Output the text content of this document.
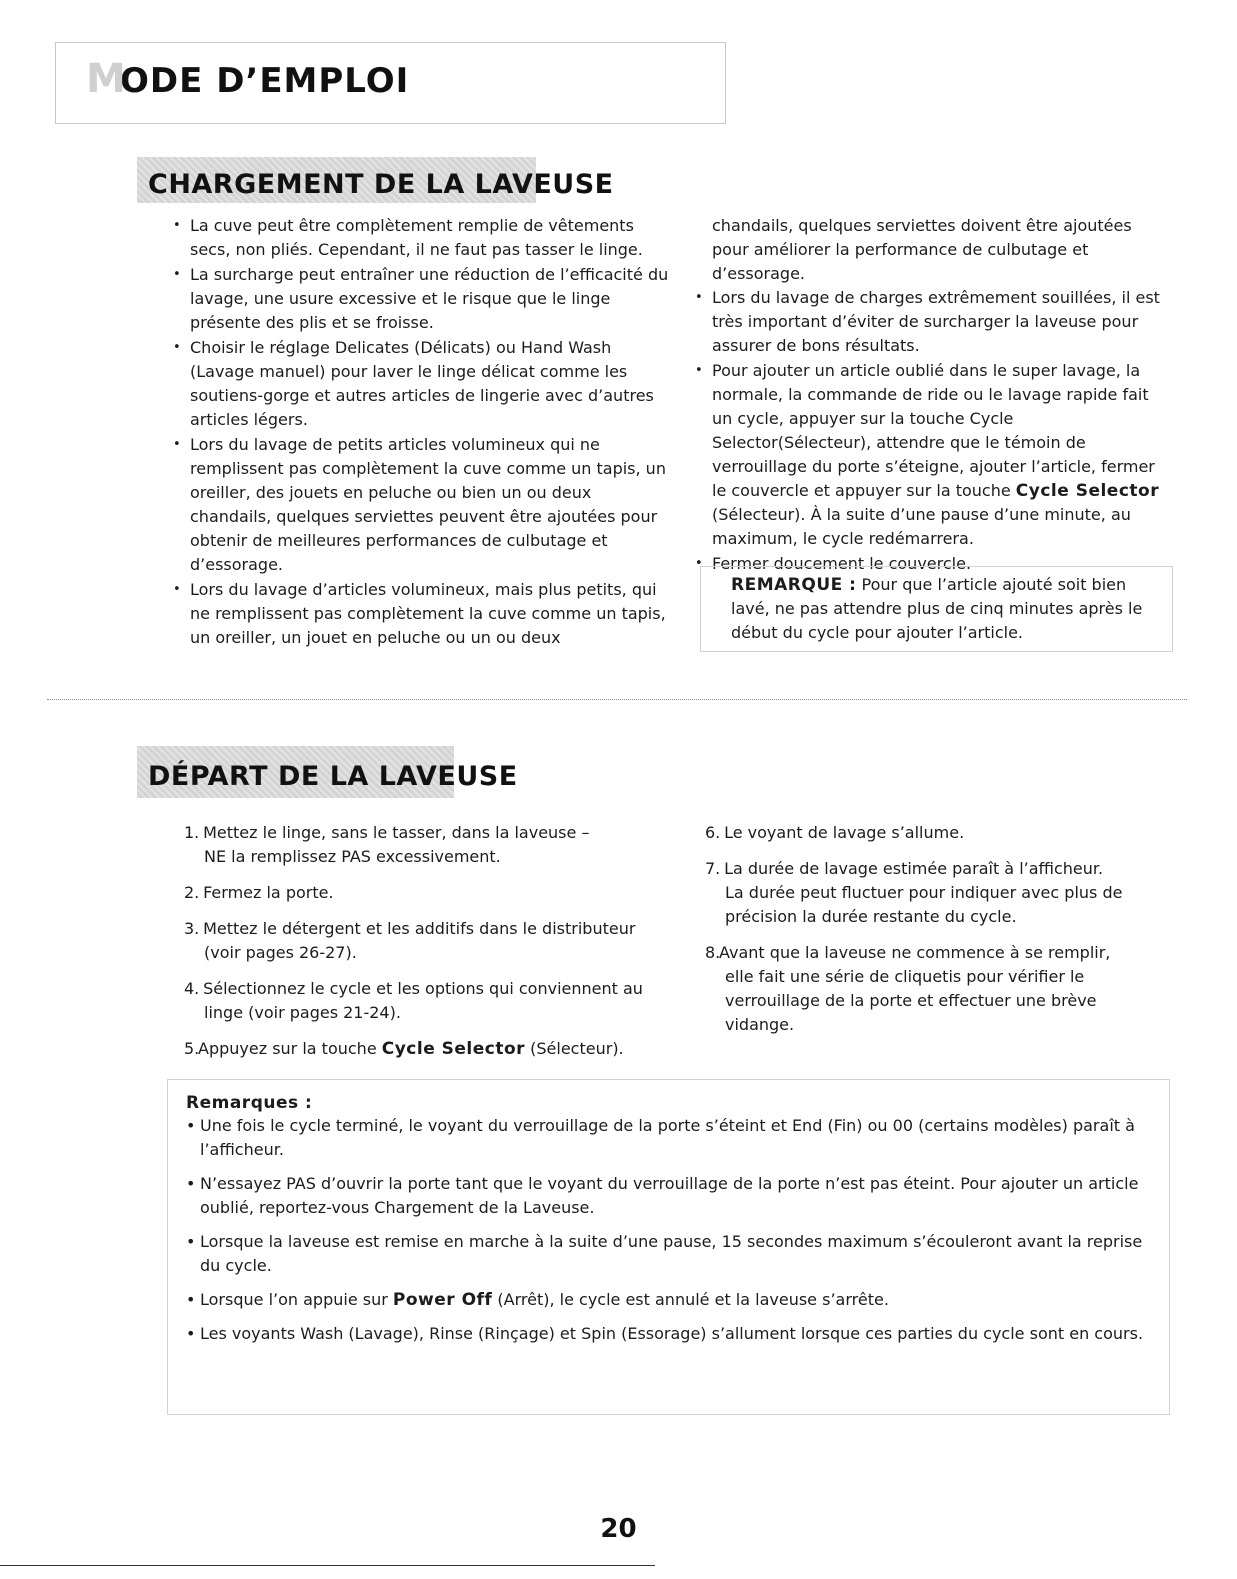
M
ODE D’EMPLOI
CHARGEMENT DE LA LAVEUSE
• La cuve peut être complètement remplie de vêtements secs, non pliés. Cependant, il ne faut pas tasser le linge.
• La surcharge peut entraîner une réduction de l’efficacité du lavage, une usure excessive et le risque que le linge présente des plis et se froisse.
• Choisir le réglage Delicates (Délicats) ou Hand Wash (Lavage manuel) pour laver le linge délicat comme les soutiens-gorge et autres articles de lingerie avec d’autres articles légers.
• Lors du lavage de petits articles volumineux qui ne remplissent pas complètement la cuve comme un tapis, un oreiller, des jouets en peluche ou bien un ou deux chandails, quelques serviettes peuvent être ajoutées pour obtenir de meilleures performances de culbutage et d’essorage.
• Lors du lavage d’articles volumineux, mais plus petits, qui ne remplissent pas complètement la cuve comme un tapis, un oreiller, un jouet en peluche ou un ou deux
chandails, quelques serviettes doivent être ajoutées pour améliorer la performance de culbutage et d’essorage.
• Lors du lavage de charges extrêmement souillées, il est très important d’éviter de surcharger la laveuse pour assurer de bons résultats.
• Pour ajouter un article oublié dans le super lavage, la normale, la commande de ride ou le lavage rapide fait un cycle, appuyer sur la touche Cycle Selector(Sélecteur), attendre que le témoin de verrouillage du porte s’éteigne, ajouter l’article, fermer le couvercle et appuyer sur la touche Cycle Selector (Sélecteur). À la suite d’une pause d’une minute, au maximum, le cycle redémarrera.
• Fermer doucement le couvercle.
REMARQUE : Pour que l’article ajouté soit bien lavé, ne pas attendre plus de cinq minutes après le début du cycle pour ajouter l’article.
DÉPART DE LA LAVEUSE
1. Mettez le linge, sans le tasser, dans la laveuse –
NE la remplissez PAS excessivement.
2. Fermez la porte.
3. Mettez le détergent et les additifs dans le distributeur
(voir pages 26-27).
4. Sélectionnez le cycle et les options qui conviennent au
linge (voir pages 21-24).
5.Appuyez sur la touche Cycle Selector (Sélecteur).
6. Le voyant de lavage s’allume.
7. La durée de lavage estimée paraît à l’afficheur.
La durée peut fluctuer pour indiquer avec plus de
précision la durée restante du cycle.
8.Avant que la laveuse ne commence à se remplir,
elle fait une série de cliquetis pour vérifier le
verrouillage de la porte et effectuer une brève
vidange.
Remarques :
• Une fois le cycle terminé, le voyant du verrouillage de la porte s’éteint et End (Fin) ou 00 (certains modèles) paraît à l’afficheur.
• N’essayez PAS d’ouvrir la porte tant que le voyant du verrouillage de la porte n’est pas éteint. Pour ajouter un article oublié, reportez-vous Chargement de la Laveuse.
• Lorsque la laveuse est remise en marche à la suite d’une pause, 15 secondes maximum s’écouleront avant la reprise du cycle.
• Lorsque l’on appuie sur Power Off (Arrêt), le cycle est annulé et la laveuse s’arrête.
• Les voyants Wash (Lavage), Rinse (Rinçage) et Spin (Essorage) s’allument lorsque ces parties du cycle sont en cours.
20
